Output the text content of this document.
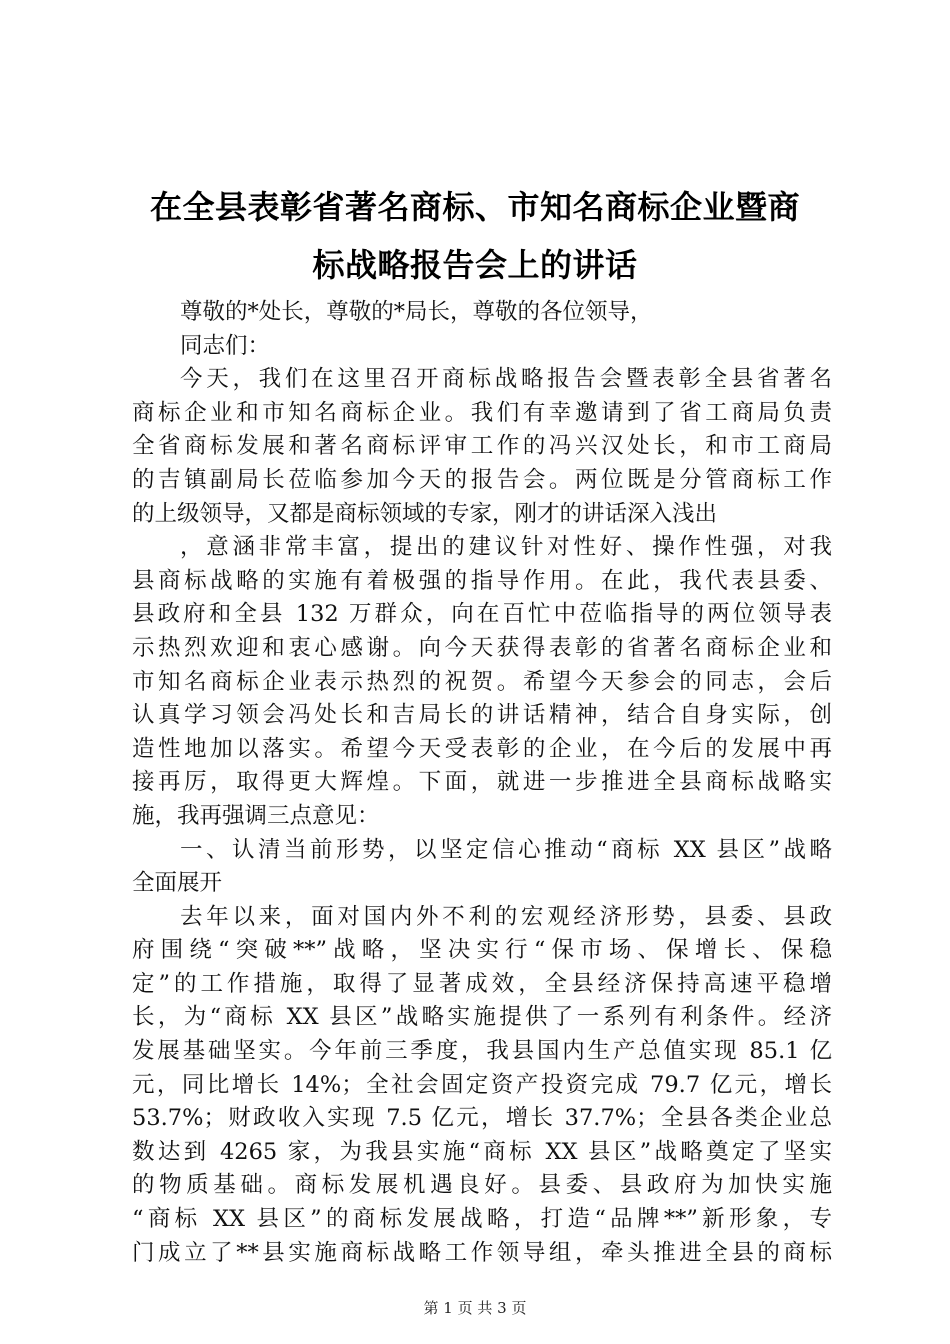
在全县表彰省著名商标、市知名商标企业暨商
标战略报告会上的讲话
尊敬的*处长，尊敬的*局长，尊敬的各位领导，
同志们：
今天，我们在这里召开商标战略报告会暨表彰全县省著名
商标企业和市知名商标企业。我们有幸邀请到了省工商局负责
全省商标发展和著名商标评审工作的冯兴汉处长，和市工商局
的吉镇副局长莅临参加今天的报告会。两位既是分管商标工作
的上级领导，又都是商标领域的专家，刚才的讲话深入浅出
，意涵非常丰富，提出的建议针对性好、操作性强，对我
县商标战略的实施有着极强的指导作用。在此，我代表县委、
县政府和全县 132 万群众，向在百忙中莅临指导的两位领导表
示热烈欢迎和衷心感谢。向今天获得表彰的省著名商标企业和
市知名商标企业表示热烈的祝贺。希望今天参会的同志，会后
认真学习领会冯处长和吉局长的讲话精神，结合自身实际，创
造性地加以落实。希望今天受表彰的企业，在今后的发展中再
接再厉，取得更大辉煌。下面，就进一步推进全县商标战略实
施，我再强调三点意见：
一、认清当前形势，以坚定信心推动“商标 XX 县区”战略
全面展开
去年以来，面对国内外不利的宏观经济形势，县委、县政
府围绕“突破**”战略，坚决实行“保市场、保增长、保稳
定”的工作措施，取得了显著成效，全县经济保持高速平稳增
长，为“商标 XX 县区”战略实施提供了一系列有利条件。经济
发展基础坚实。今年前三季度，我县国内生产总值实现 85.1 亿
元，同比增长 14%；全社会固定资产投资完成 79.7 亿元，增长
53.7%；财政收入实现 7.5 亿元，增长 37.7%；全县各类企业总
数达到 4265 家，为我县实施“商标 XX 县区”战略奠定了坚实
的物质基础。商标发展机遇良好。县委、县政府为加快实施
“商标 XX 县区”的商标发展战略，打造“品牌**”新形象，专
门成立了**县实施商标战略工作领导组，牵头推进全县的商标
第 1 页 共 3 页
